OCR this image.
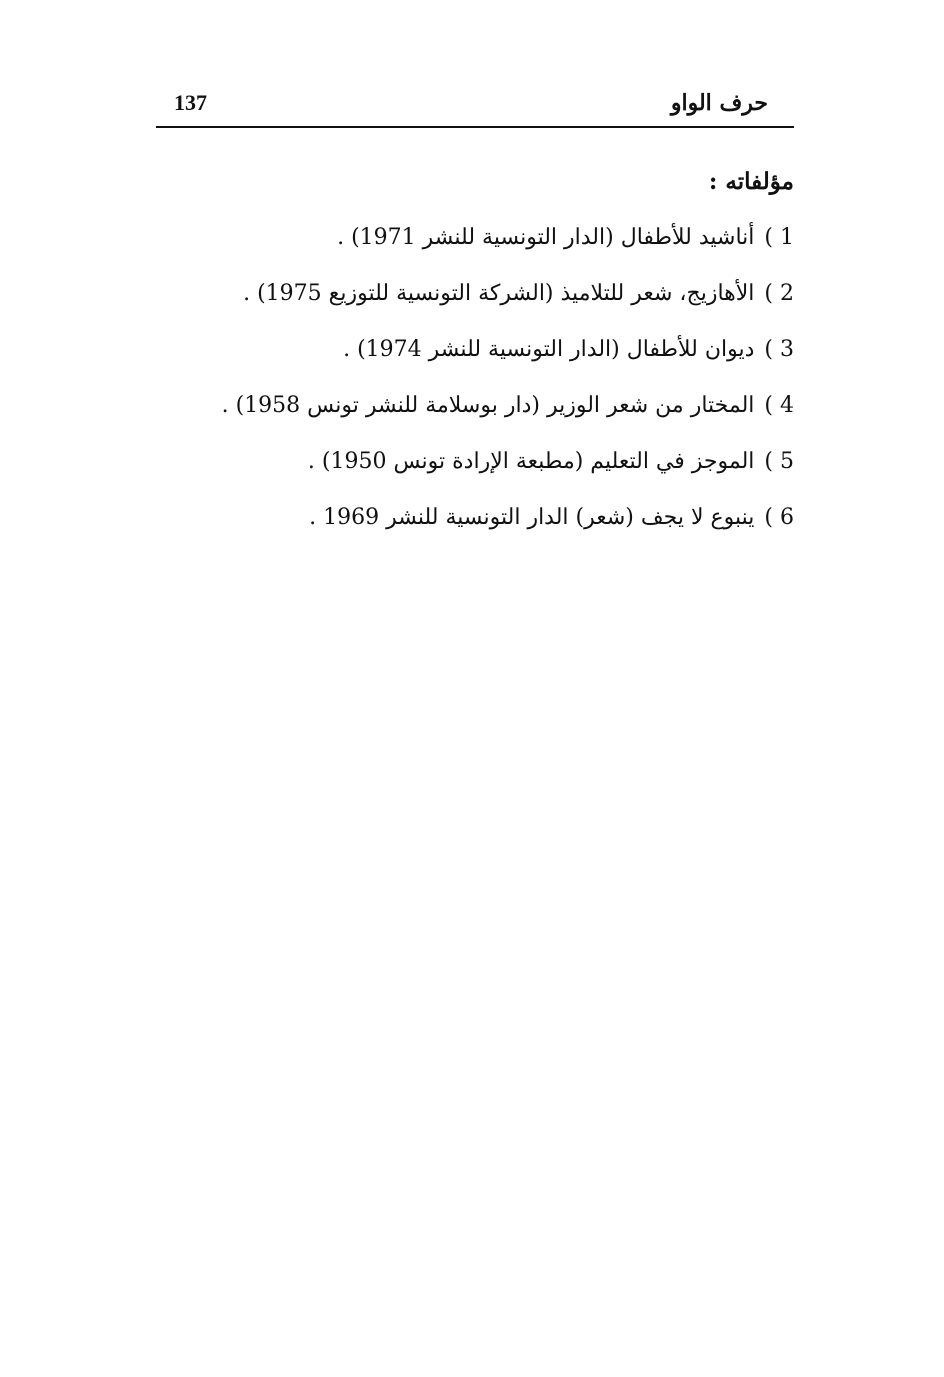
137	حرف الواو
مؤلفاته :
1 )أناشيد للأطفال (الدار التونسية للنشر 1971) .
2 )الأهازيج، شعر للتلاميذ (الشركة التونسية للتوزيع 1975) .
3 )ديوان للأطفال (الدار التونسية للنشر 1974) .
4 )المختار من شعر الوزير (دار بوسلامة للنشر تونس 1958) .
5 )الموجز في التعليم (مطبعة الإرادة تونس 1950) .
6 )ينبوع لا يجف (شعر) الدار التونسية للنشر 1969 .
